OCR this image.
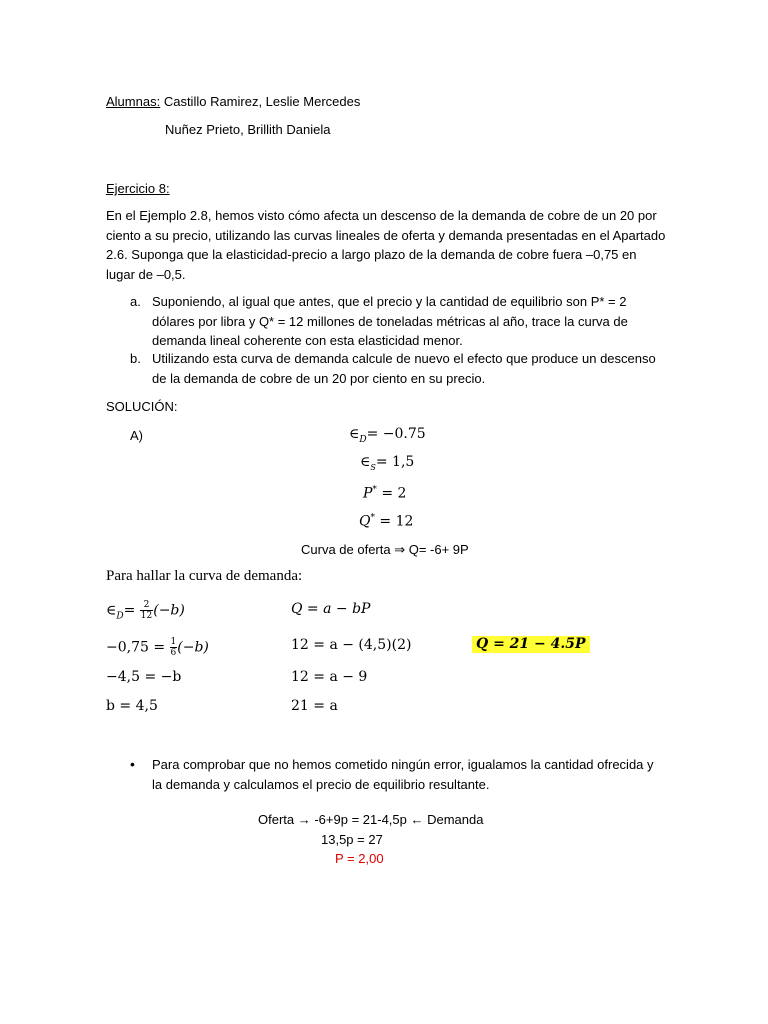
Alumnas: Castillo Ramirez, Leslie Mercedes
Nuñez Prieto, Brillith Daniela
Ejercicio 8:
En el Ejemplo 2.8, hemos visto cómo afecta un descenso de la demanda de cobre de un 20 por ciento a su precio, utilizando las curvas lineales de oferta y demanda presentadas en el Apartado 2.6. Suponga que la elasticidad-precio a largo plazo de la demanda de cobre fuera –0,75 en lugar de –0,5.
a. Suponiendo, al igual que antes, que el precio y la cantidad de equilibrio son P* = 2 dólares por libra y Q* = 12 millones de toneladas métricas al año, trace la curva de demanda lineal coherente con esta elasticidad menor.
b. Utilizando esta curva de demanda calcule de nuevo el efecto que produce un descenso de la demanda de cobre de un 20 por ciento en su precio.
SOLUCIÓN:
A)	$\in_D= -0.75$
$\in_S= 1,5$
P* = 2
Q* = 12
Curva de oferta ⇒ Q= -6+ 9P
Para hallar la curva de demanda:
$\in_D= \frac{2}{12} (-b)$
$-0,75 = \frac{1}{6} (-b)$
−4,5 = −b
b = 4,5
Q = a − bP
12 = a − (4,5)(2)
12 = a − 9
21 = a
Q = 21 − 4.5P
• Para comprobar que no hemos cometido ningún error, igualamos la cantidad ofrecida y la demanda y calculamos el precio de equilibrio resultante.
Oferta → -6+9p = 21-4,5p ← Demanda
13,5p = 27
P = 2,00
